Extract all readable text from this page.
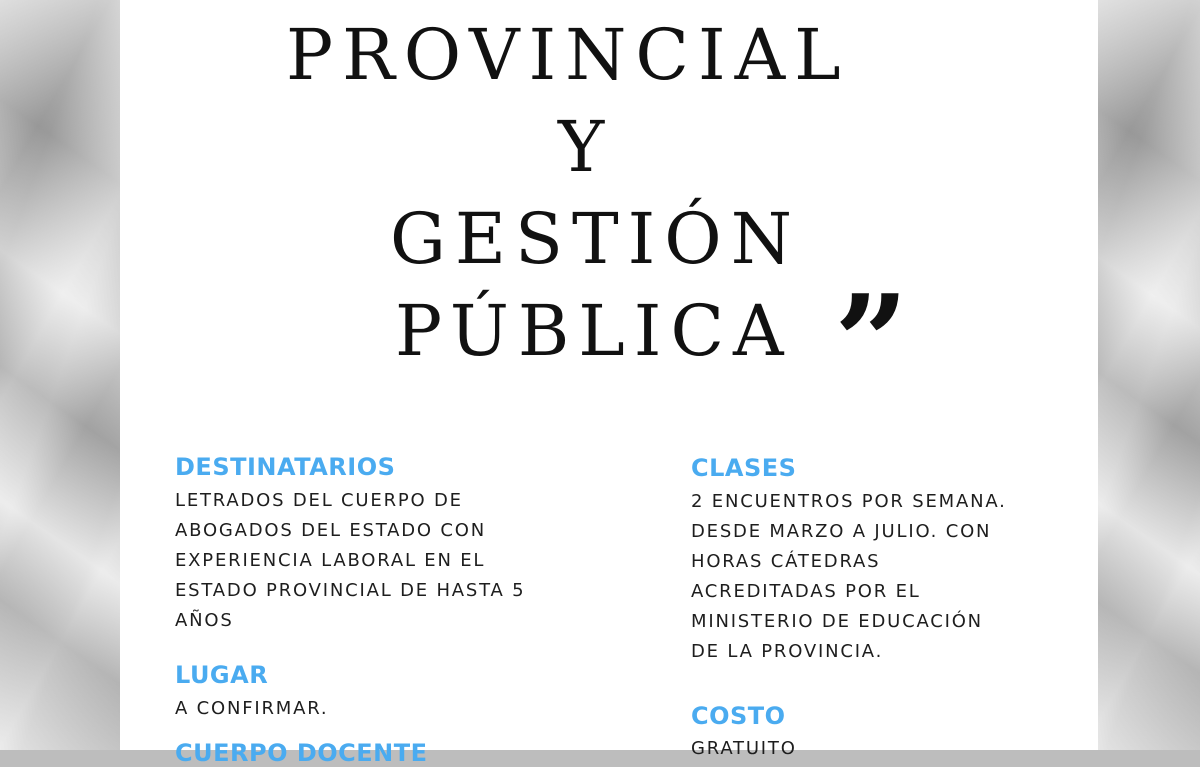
PROVINCIAL
Y
GESTIÓN
PÚBLICA ”
DESTINATARIOS
LETRADOS DEL CUERPO DE
ABOGADOS DEL ESTADO CON
EXPERIENCIA LABORAL EN EL
ESTADO PROVINCIAL DE HASTA 5
AÑOS
LUGAR
A CONFIRMAR.
CUERPO DOCENTE
CLASES
2 ENCUENTROS POR SEMANA.
DESDE MARZO A JULIO. CON
HORAS CÁTEDRAS
ACREDITADAS POR EL
MINISTERIO DE EDUCACIÓN
DE LA PROVINCIA.
COSTO
GRATUITO
